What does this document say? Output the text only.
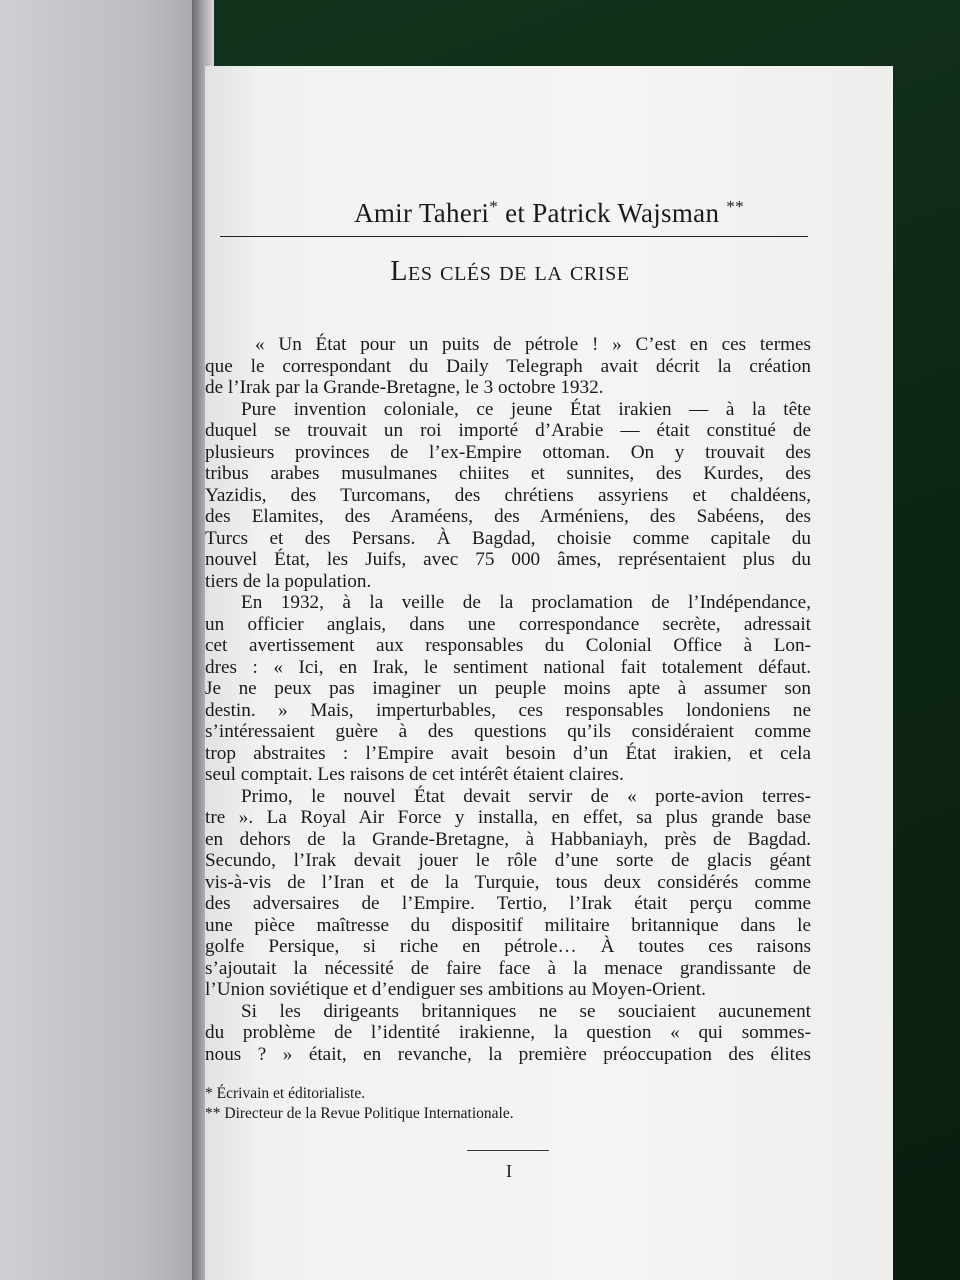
Amir Taheri* et Patrick Wajsman **
Les clés de la crise
« Un État pour un puits de pétrole ! » C’est en ces termes
que le correspondant du Daily Telegraph avait décrit la création
de l’Irak par la Grande-Bretagne, le 3 octobre 1932.
Pure invention coloniale, ce jeune État irakien — à la tête
duquel se trouvait un roi importé d’Arabie — était constitué de
plusieurs provinces de l’ex-Empire ottoman. On y trouvait des
tribus arabes musulmanes chiites et sunnites, des Kurdes, des
Yazidis, des Turcomans, des chrétiens assyriens et chaldéens,
des Elamites, des Araméens, des Arméniens, des Sabéens, des
Turcs et des Persans. À Bagdad, choisie comme capitale du
nouvel État, les Juifs, avec 75 000 âmes, représentaient plus du
tiers de la population.
En 1932, à la veille de la proclamation de l’Indépendance,
un officier anglais, dans une correspondance secrète, adressait
cet avertissement aux responsables du Colonial Office à Lon-
dres : « Ici, en Irak, le sentiment national fait totalement défaut.
Je ne peux pas imaginer un peuple moins apte à assumer son
destin. » Mais, imperturbables, ces responsables londoniens ne
s’intéressaient guère à des questions qu’ils considéraient comme
trop abstraites : l’Empire avait besoin d’un État irakien, et cela
seul comptait. Les raisons de cet intérêt étaient claires.
Primo, le nouvel État devait servir de « porte-avion terres-
tre ». La Royal Air Force y installa, en effet, sa plus grande base
en dehors de la Grande-Bretagne, à Habbaniayh, près de Bagdad.
Secundo, l’Irak devait jouer le rôle d’une sorte de glacis géant
vis-à-vis de l’Iran et de la Turquie, tous deux considérés comme
des adversaires de l’Empire. Tertio, l’Irak était perçu comme
une pièce maîtresse du dispositif militaire britannique dans le
golfe Persique, si riche en pétrole… À toutes ces raisons
s’ajoutait la nécessité de faire face à la menace grandissante de
l’Union soviétique et d’endiguer ses ambitions au Moyen-Orient.
Si les dirigeants britanniques ne se souciaient aucunement
du problème de l’identité irakienne, la question « qui sommes-
nous ? » était, en revanche, la première préoccupation des élites
* Écrivain et éditorialiste.
** Directeur de la Revue Politique Internationale.
I
